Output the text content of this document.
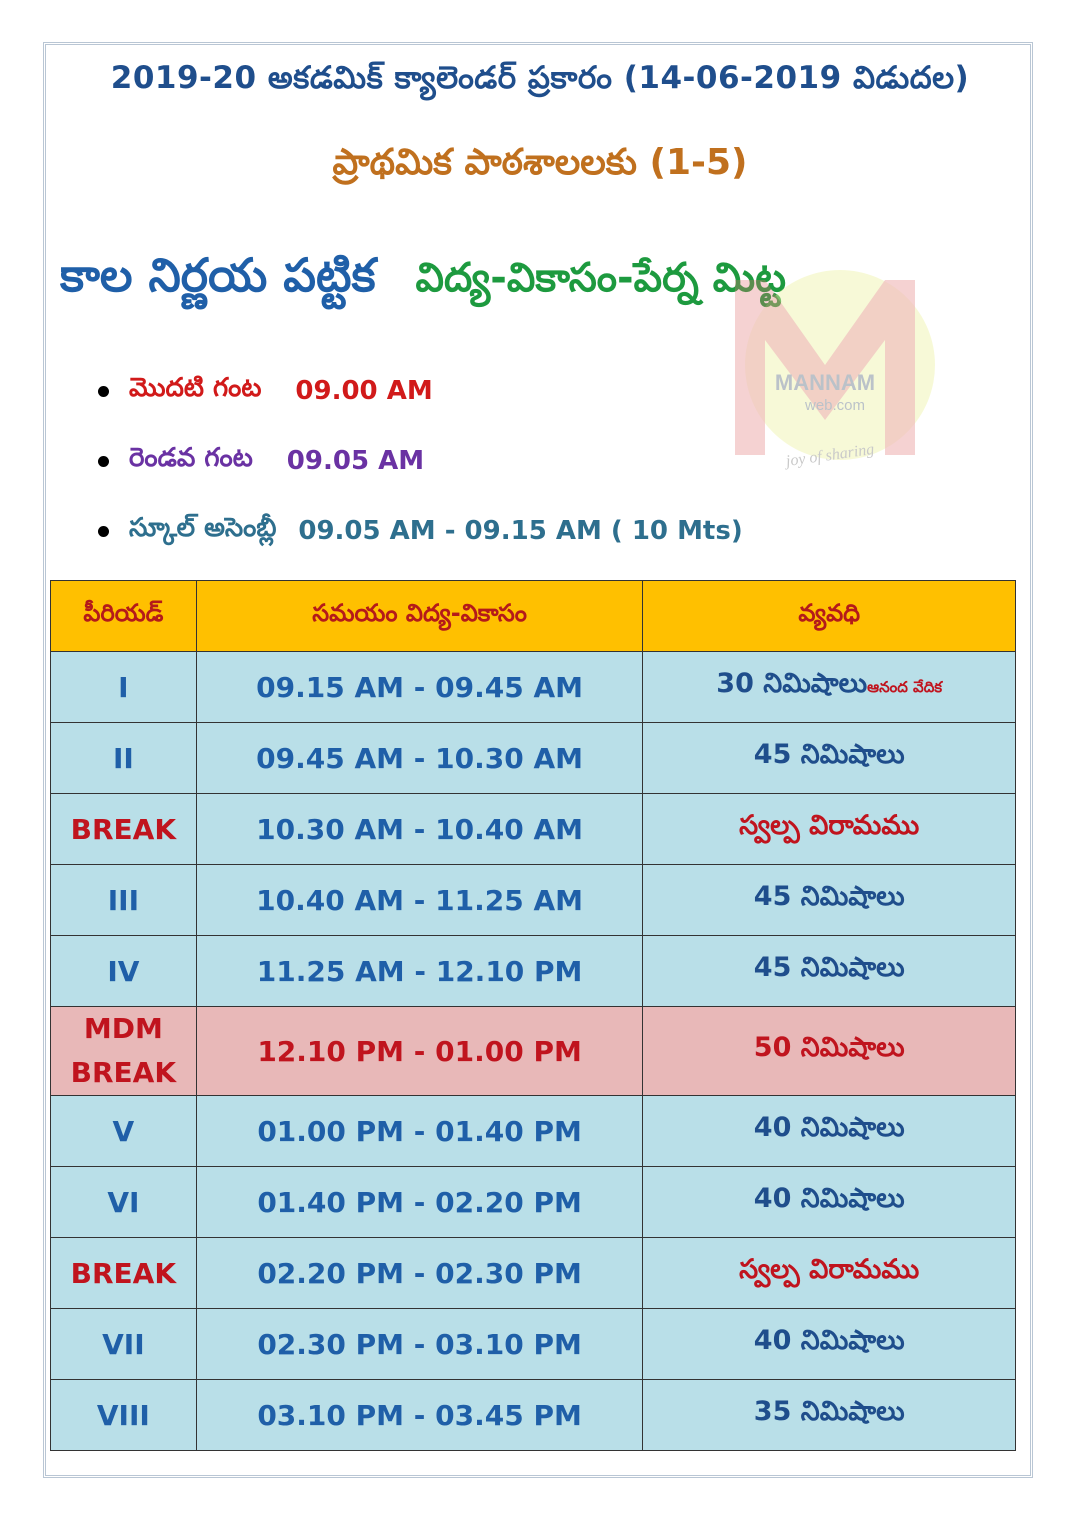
2019-20 అకడమిక్ క్యాలెండర్ ప్రకారం (14-06-2019 విడుదల)
ప్రాథమిక పాఠశాలలకు (1-5)
కాల నిర్ణయ పట్టిక విద్య-వికాసం-పేర్న మిట్ట
MANNAM
web.com
joy of sharing
మొదటి గంట 09.00 AM
రెండవ గంట 09.05 AM
స్కూల్ అసెంబ్లీ 09.05 AM - 09.15 AM ( 10 Mts)
పీరియడ్	సమయం విద్య-వికాసం	వ్యవధి
I	09.15 AM - 09.45 AM	30 నిమిషాలుఆనంద వేదిక
II	09.45 AM - 10.30 AM	45 నిమిషాలు
BREAK	10.30 AM - 10.40 AM	స్వల్ప విరామము
III	10.40 AM - 11.25 AM	45 నిమిషాలు
IV	11.25 AM - 12.10 PM	45 నిమిషాలు

MDM
BREAK	12.10 PM - 01.00 PM	50 నిమిషాలు
V	01.00 PM - 01.40 PM	40 నిమిషాలు
VI	01.40 PM - 02.20 PM	40 నిమిషాలు
BREAK	02.20 PM - 02.30 PM	స్వల్ప విరామము
VII	02.30 PM - 03.10 PM	40 నిమిషాలు
VIII	03.10 PM - 03.45 PM	35 నిమిషాలు
